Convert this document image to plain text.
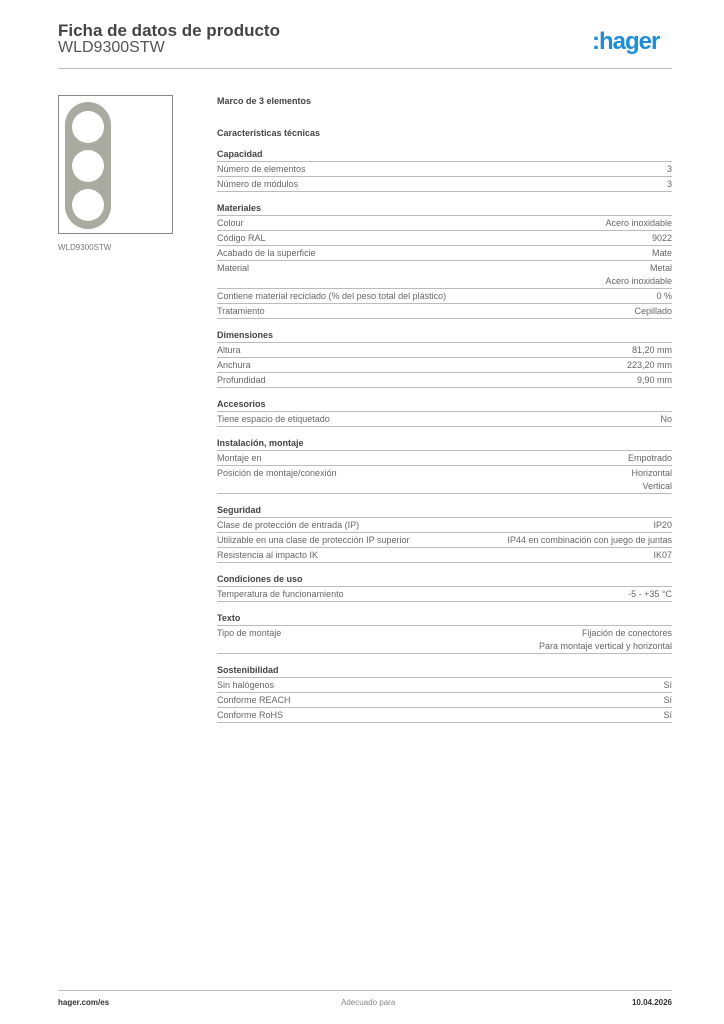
Ficha de datos de producto
WLD9300STW	:hager
WLD9300STW
Marco de 3 elementos
Características técnicas
Capacidad
Número de elementos	3
Número de módulos	3
Materiales
Colour	Acero inoxidable
Código RAL	9022
Acabado de la superficie	Mate
Material	Metal
Acero inoxidable
Contiene material reciclado (% del peso total del plástico)	0 %
Tratamiento	Cepillado
Dimensiones
Altura	81,20 mm
Anchura	223,20 mm
Profundidad	9,90 mm
Accesorios
Tiene espacio de etiquetado	No
Instalación, montaje
Montaje en	Empotrado
Posición de montaje/conexión	Horizontal
Vertical
Seguridad
Clase de protección de entrada (IP)	IP20
Utilizable en una clase de protección IP superior	IP44 en combinación con juego de juntas
Resistencia al impacto IK	IK07
Condiciones de uso
Temperatura de funcionamiento	-5 - +35 °C
Texto
Tipo de montaje	Fijación de conectores
Para montaje vertical y horizontal
Sostenibilidad
Sin halógenos	Sí
Conforme REACH	Sí
Conforme RoHS	Sí
hager.com/es	Adecuado para	10.04.2026
